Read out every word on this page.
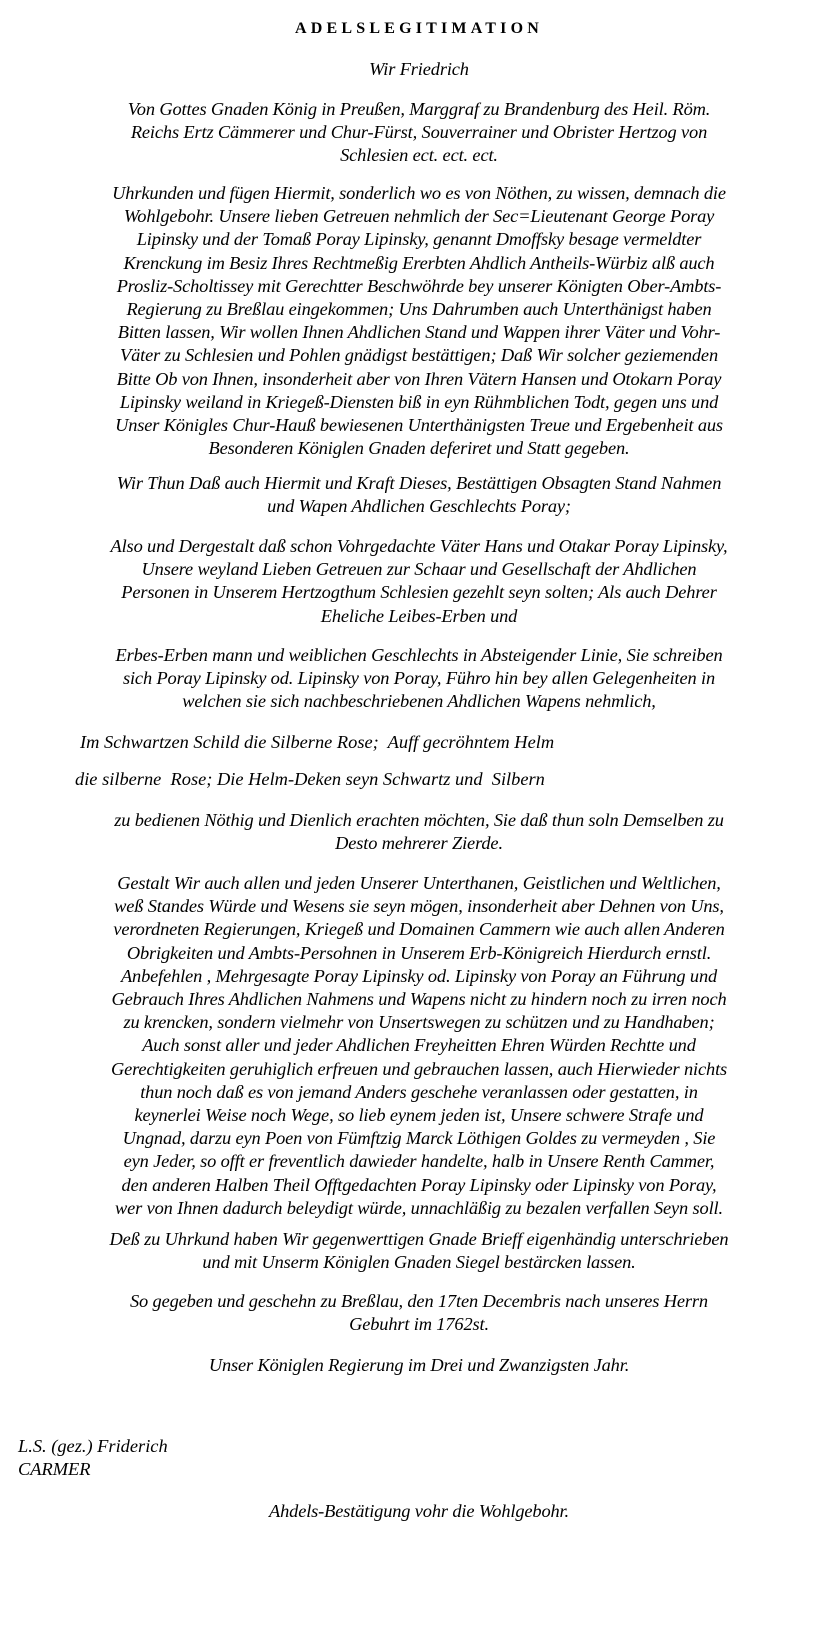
ADELSLEGITIMATION
Wir Friedrich
Von Gottes Gnaden König in Preußen, Marggraf zu Brandenburg des Heil. Röm.
Reichs Ertz Cämmerer und Chur-Fürst, Souverrainer und Obrister Hertzog von
Schlesien ect. ect. ect.
Uhrkunden und fügen Hiermit, sonderlich wo es von Nöthen, zu wissen, demnach die
Wohlgebohr. Unsere lieben Getreuen nehmlich der Sec=Lieutenant George Poray
Lipinsky und der Tomaß Poray Lipinsky, genannt Dmoffsky besage vermeldter
Krenckung im Besiz Ihres Rechtmeßig Ererbten Ahdlich Antheils-Würbiz alß auch
Prosliz-Scholtissey mit Gerechtter Beschwöhrde bey unserer Königten Ober-Ambts-
Regierung zu Breßlau eingekommen; Uns Dahrumben auch Unterthänigst haben
Bitten lassen, Wir wollen Ihnen Ahdlichen Stand und Wappen ihrer Väter und Vohr-
Väter zu Schlesien und Pohlen gnädigst bestättigen; Daß Wir solcher geziemenden
Bitte Ob von Ihnen, insonderheit aber von Ihren Vätern Hansen und Otokarn Poray
Lipinsky weiland in Kriegeß-Diensten biß in eyn Rühmblichen Todt, gegen uns und
Unser Königles Chur-Hauß bewiesenen Unterthänigsten Treue und Ergebenheit aus
Besonderen Königlen Gnaden deferiret und Statt gegeben.
Wir Thun Daß auch Hiermit und Kraft Dieses, Bestättigen Obsagten Stand Nahmen
und Wapen Ahdlichen Geschlechts Poray;
Also und Dergestalt daß schon Vohrgedachte Väter Hans und Otakar Poray Lipinsky,
Unsere weyland Lieben Getreuen zur Schaar und Gesellschaft der Ahdlichen
Personen in Unserem Hertzogthum Schlesien gezehlt seyn solten; Als auch Dehrer
Eheliche Leibes-Erben und
Erbes-Erben mann und weiblichen Geschlechts in Absteigender Linie, Sie schreiben
sich Poray Lipinsky od. Lipinsky von Poray, Führo hin bey allen Gelegenheiten in
welchen sie sich nachbeschriebenen Ahdlichen Wapens nehmlich,
Im Schwartzen Schild die Silberne Rose;  Auff gecröhntem Helm
die silberne  Rose; Die Helm-Deken seyn Schwartz und  Silbern
zu bedienen Nöthig und Dienlich erachten möchten, Sie daß thun soln Demselben zu
Desto mehrerer Zierde.
Gestalt Wir auch allen und jeden Unserer Unterthanen, Geistlichen und Weltlichen,
weß Standes Würde und Wesens sie seyn mögen, insonderheit aber Dehnen von Uns,
verordneten Regierungen, Kriegeß und Domainen Cammern wie auch allen Anderen
Obrigkeiten und Ambts-Persohnen in Unserem Erb-Königreich Hierdurch ernstl.
Anbefehlen , Mehrgesagte Poray Lipinsky od. Lipinsky von Poray an Führung und
Gebrauch Ihres Ahdlichen Nahmens und Wapens nicht zu hindern noch zu irren noch
zu krencken, sondern vielmehr von Unsertswegen zu schützen und zu Handhaben;
Auch sonst aller und jeder Ahdlichen Freyheitten Ehren Würden Rechtte und
Gerechtigkeiten geruhiglich erfreuen und gebrauchen lassen, auch Hierwieder nichts
thun noch daß es von jemand Anders geschehe veranlassen oder gestatten, in
keynerlei Weise noch Wege, so lieb eynem jeden ist, Unsere schwere Strafe und
Ungnad, darzu eyn Poen von Fümftzig Marck Löthigen Goldes zu vermeyden , Sie
eyn Jeder, so offt er freventlich dawieder handelte, halb in Unsere Renth Cammer,
den anderen Halben Theil Offtgedachten Poray Lipinsky oder Lipinsky von Poray,
wer von Ihnen dadurch beleydigt würde, unnachläßig zu bezalen verfallen Seyn soll.
Deß zu Uhrkund haben Wir gegenwerttigen Gnade Brieff eigenhändig unterschrieben
und mit Unserm Königlen Gnaden Siegel bestärcken lassen.
So gegeben und geschehn zu Breßlau, den 17ten Decembris nach unseres Herrn
Gebuhrt im 1762st.
Unser Königlen Regierung im Drei und Zwanzigsten Jahr.
L.S. (gez.) Friderich
CARMER
Ahdels-Bestätigung vohr die Wohlgebohr.
